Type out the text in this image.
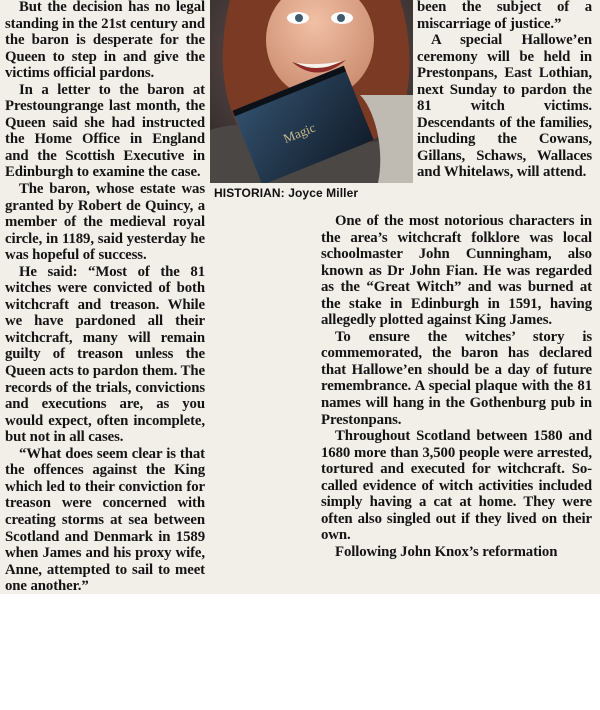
But the decision has no legal standing in the 21st century and the baron is desperate for the Queen to step in and give the victims official pardons.

In a letter to the baron at Prestoungrange last month, the Queen said she had instructed the Home Office in England and the Scottish Executive in Edinburgh to examine the case.

The baron, whose estate was granted by Robert de Quincy, a member of the medieval royal circle, in 1189, said yesterday he was hopeful of success.

He said: “Most of the 81 witches were convicted of both witchcraft and treason. While we have pardoned all their witchcraft, many will remain guilty of treason unless the Queen acts to pardon them. The records of the trials, convictions and executions are, as you would expect, often incomplete, but not in all cases.

“What does seem clear is that the offences against the King which led to their conviction for treason were concerned with creating storms at sea between Scotland and Denmark in 1589 when James and his proxy wife, Anne, attempted to sail to meet one another.”

Magic
HISTORIAN: Joyce Miller

been the subject of a miscarriage of justice.”

A special Hallowe’en ceremony will be held in Prestonpans, East Lothian, next Sunday to pardon the 81 witch victims. Descendants of the families, including the Cowans, Gillans, Schaws, Wallaces and Whitelaws, will attend.

One of the most notorious characters in the area’s witchcraft folklore was local schoolmaster John Cunningham, also known as Dr John Fian. He was regarded as the “Great Witch” and was burned at the stake in Edinburgh in 1591, having allegedly plotted against King James.

To ensure the witches’ story is commemorated, the baron has declared that Hallowe’en should be a day of future remembrance. A special plaque with the 81 names will hang in the Gothenburg pub in Prestonpans.

Throughout Scotland between 1580 and 1680 more than 3,500 people were arrested, tortured and executed for witchcraft. So-called evidence of witch activities included simply having a cat at home. They were often also singled out if they lived on their own.

Following John Knox’s reformation
